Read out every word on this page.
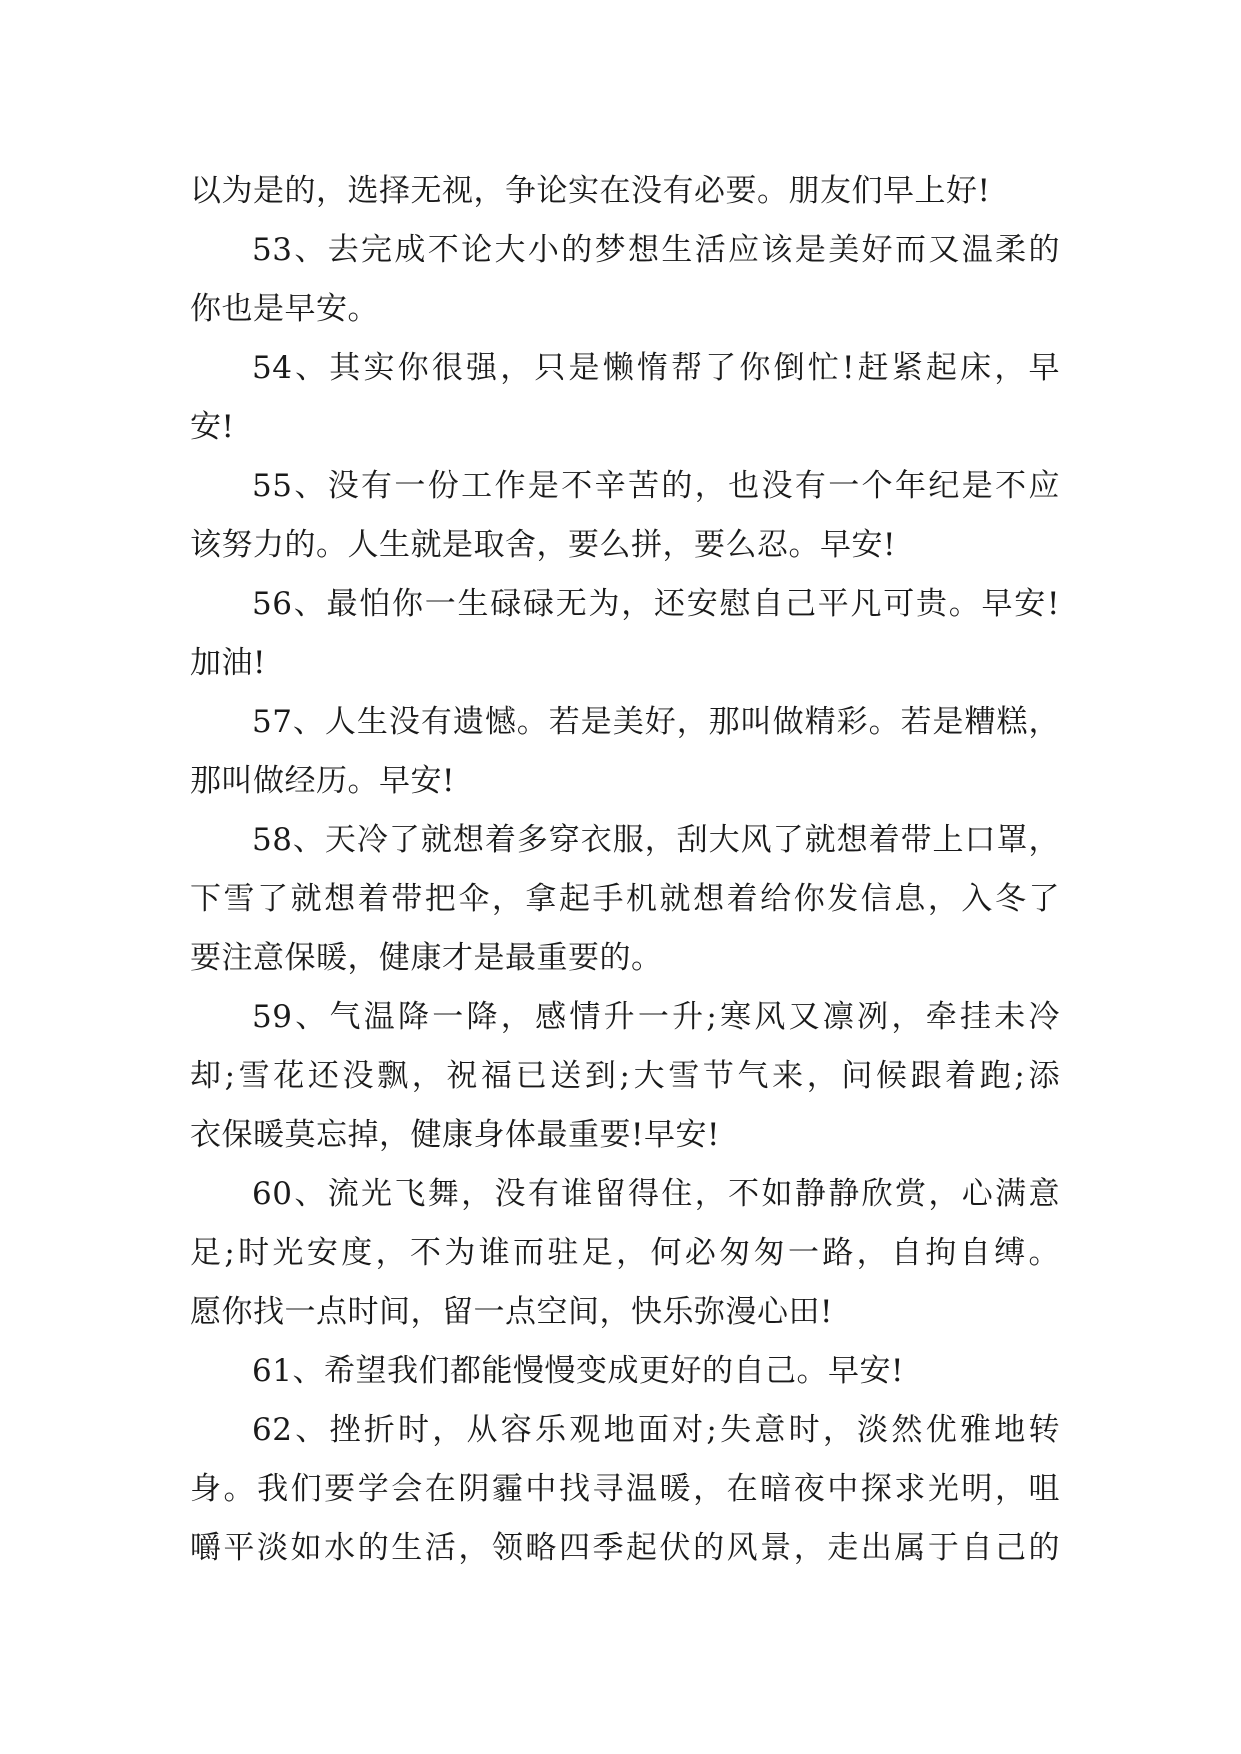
以为是的，选择无视，争论实在没有必要。朋友们早上好!
53、去完成不论大小的梦想生活应该是美好而又温柔的
你也是早安。
54、其实你很强，只是懒惰帮了你倒忙!赶紧起床，早
安!
55、没有一份工作是不辛苦的，也没有一个年纪是不应
该努力的。人生就是取舍，要么拼，要么忍。早安!
56、最怕你一生碌碌无为，还安慰自己平凡可贵。早安!
加油!
57、人生没有遗憾。若是美好，那叫做精彩。若是糟糕，
那叫做经历。早安!
58、天冷了就想着多穿衣服，刮大风了就想着带上口罩，
下雪了就想着带把伞，拿起手机就想着给你发信息，入冬了
要注意保暖，健康才是最重要的。
59、气温降一降，感情升一升;寒风又凛冽，牵挂未冷
却;雪花还没飘，祝福已送到;大雪节气来，问候跟着跑;添
衣保暖莫忘掉，健康身体最重要!早安!
60、流光飞舞，没有谁留得住，不如静静欣赏，心满意
足;时光安度，不为谁而驻足，何必匆匆一路，自拘自缚。
愿你找一点时间，留一点空间，快乐弥漫心田!
61、希望我们都能慢慢变成更好的自己。早安!
62、挫折时，从容乐观地面对;失意时，淡然优雅地转
身。我们要学会在阴霾中找寻温暖，在暗夜中探求光明，咀
嚼平淡如水的生活，领略四季起伏的风景，走出属于自己的
